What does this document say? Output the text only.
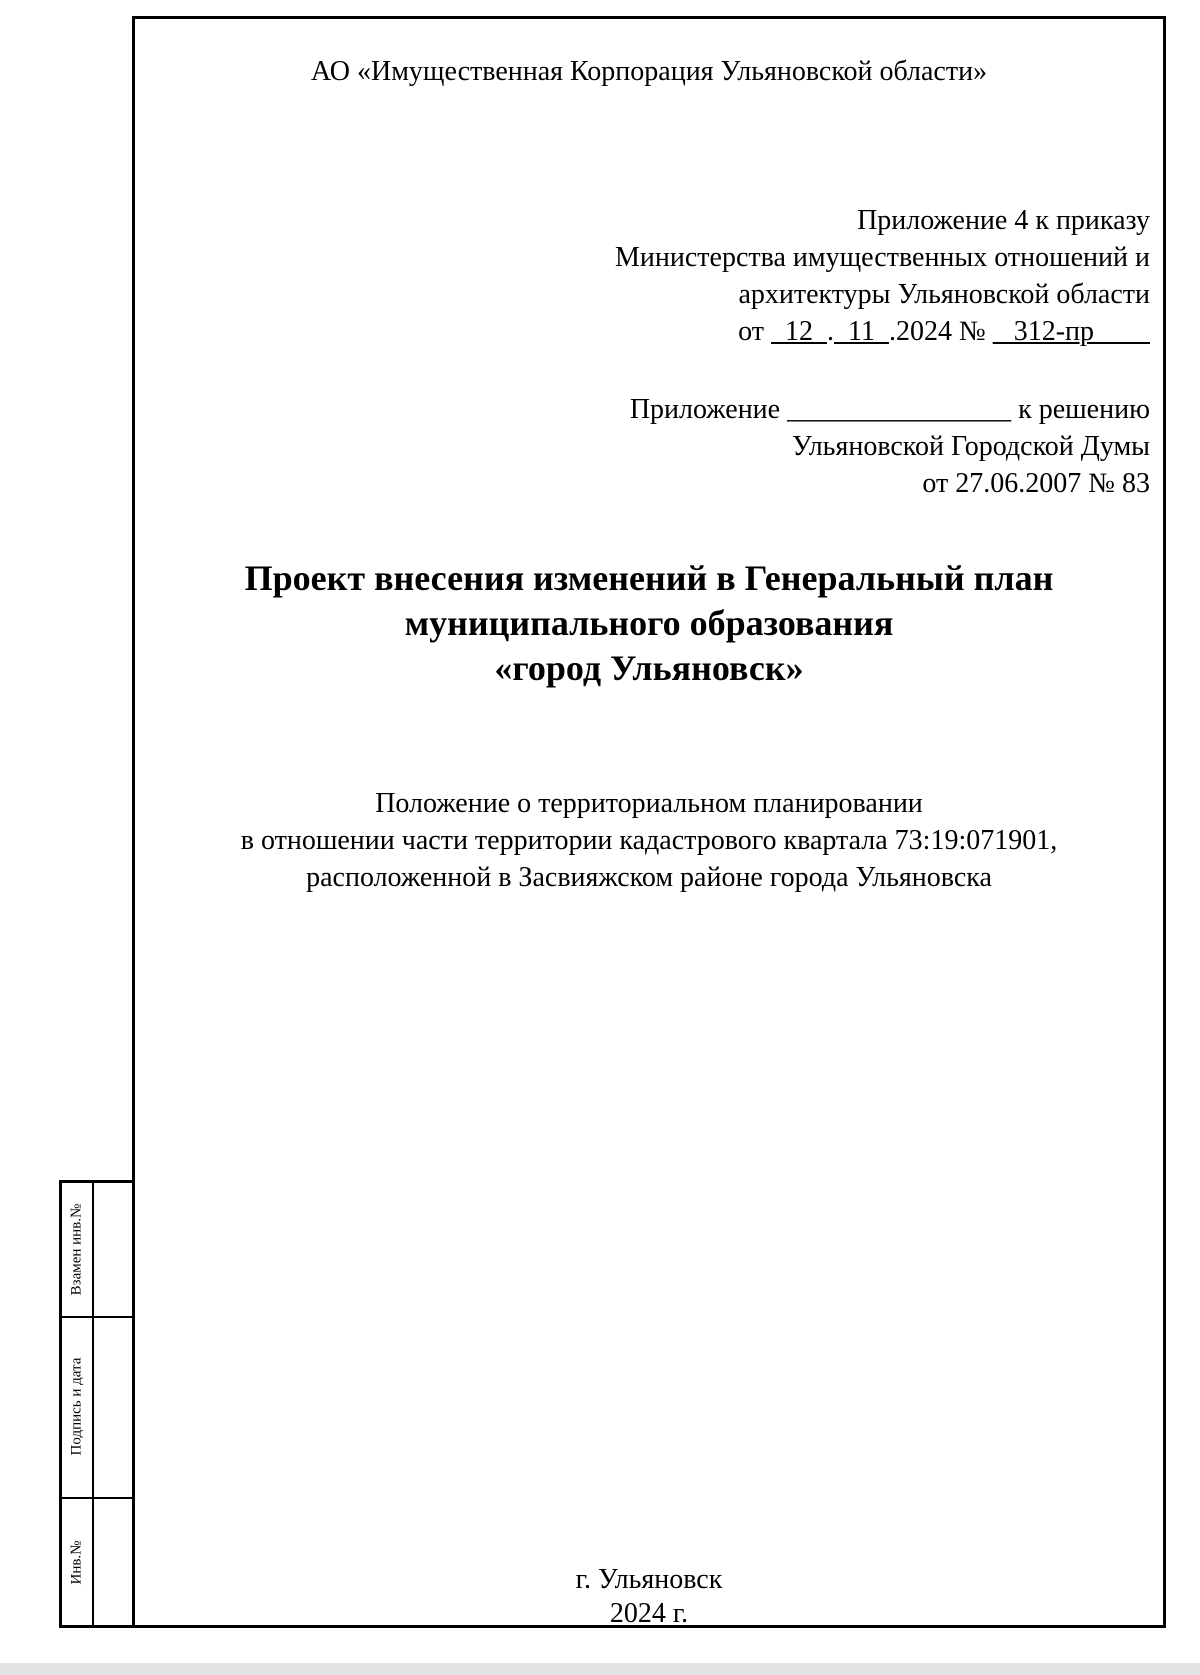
Взамен инв.№
Подпись и дата
Инв.№
АО «Имущественная Корпорация Ульяновской области»
Приложение 4 к приказу
Министерства имущественных отношений и
архитектуры Ульяновской области
от   12  .  11  .2024 №    312-пр
Приложение ________________ к решению
Ульяновской Городской Думы
от 27.06.2007 № 83
Проект внесения изменений в Генеральный план
муниципального образования
«город Ульяновск»
Положение о территориальном планировании
в отношении части территории кадастрового квартала 73:19:071901,
расположенной в Засвияжском районе города Ульяновска
г. Ульяновск
2024 г.
